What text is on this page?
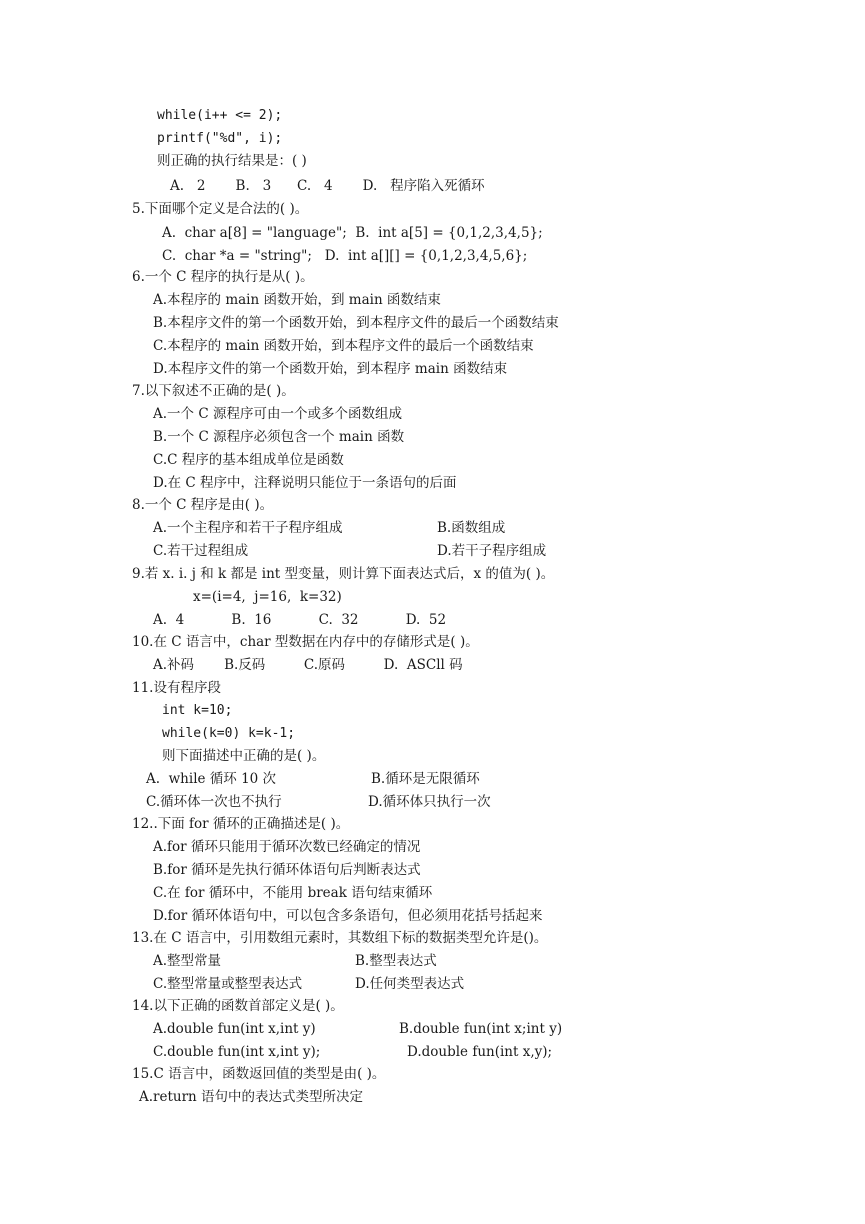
while(i++ <= 2);
printf("%d", i);
则正确的执行结果是：( )
A.   2       B.   3      C.   4       D.   程序陷入死循环
5.下面哪个定义是合法的( )。
A.  char a[8] = "language";  B.  int a[5] = {0,1,2,3,4,5};
C.  char *a = "string";   D.  int a[][] = {0,1,2,3,4,5,6};
6.一个 C 程序的执行是从( )。
A.本程序的 main 函数开始，到 main 函数结束
B.本程序文件的第一个函数开始，到本程序文件的最后一个函数结束
C.本程序的 main 函数开始，到本程序文件的最后一个函数结束
D.本程序文件的第一个函数开始，到本程序 main 函数结束
7.以下叙述不正确的是( )。
A.一个 C 源程序可由一个或多个函数组成
B.一个 C 源程序必须包含一个 main 函数
C.C 程序的基本组成单位是函数
D.在 C 程序中，注释说明只能位于一条语句的后面
8.一个 C 程序是由( )。
A.一个主程序和若干子程序组成	B.函数组成
C.若干过程组成	D.若干子程序组成
9.若 x. i. j 和 k 都是 int 型变量，则计算下面表达式后，x 的值为( )。
x=(i=4,  j=16,  k=32)
A.  4           B.  16           C.  32           D.  52
10.在 C 语言中，char 型数据在内存中的存储形式是( )。
A.补码       B.反码         C.原码         D.  ASCll 码
11.设有程序段
int k=10;
while(k=0) k=k-1;
则下面描述中正确的是( )。
A.  while 循环 10 次	B.循环是无限循环
C.循环体一次也不执行	D.循环体只执行一次
12..下面 for 循环的正确描述是( )。
A.for 循环只能用于循环次数已经确定的情况
B.for 循环是先执行循环体语句后判断表达式
C.在 for 循环中，不能用 break 语句结束循环
D.for 循环体语句中，可以包含多条语句，但必须用花括号括起来
13.在 C 语言中，引用数组元素时，其数组下标的数据类型允许是()。
A.整型常量	B.整型表达式
C.整型常量或整型表达式	D.任何类型表达式
14.以下正确的函数首部定义是( )。
A.double fun(int x,int y)	B.double fun(int x;int y)
C.double fun(int x,int y);	D.double fun(int x,y);
15.C 语言中，函数返回值的类型是由( )。
A.return 语句中的表达式类型所决定
